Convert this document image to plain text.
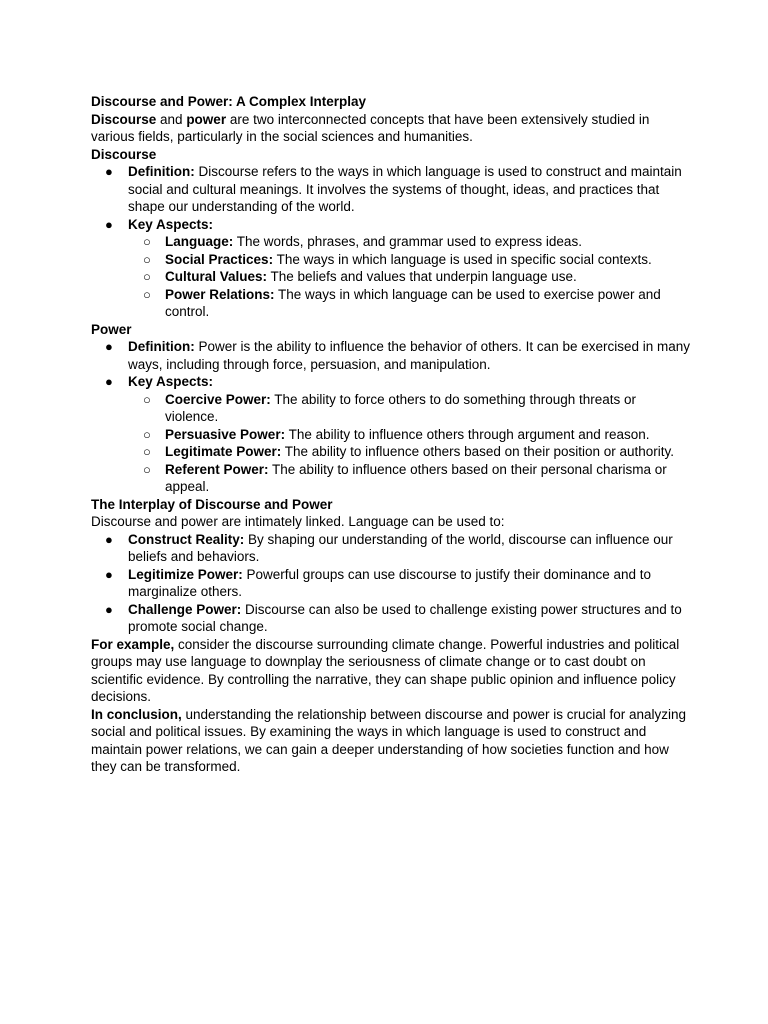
Discourse and Power: A Complex Interplay

Discourse and power are two interconnected concepts that have been extensively studied in various fields, particularly in the social sciences and humanities.

Discourse

● Definition: Discourse refers to the ways in which language is used to construct and maintain social and cultural meanings. It involves the systems of thought, ideas, and practices that shape our understanding of the world.
● Key Aspects:
○ Language: The words, phrases, and grammar used to express ideas.
○ Social Practices: The ways in which language is used in specific social contexts.
○ Cultural Values: The beliefs and values that underpin language use.
○ Power Relations: The ways in which language can be used to exercise power and control.

Power

● Definition: Power is the ability to influence the behavior of others. It can be exercised in many ways, including through force, persuasion, and manipulation.
● Key Aspects:
○ Coercive Power: The ability to force others to do something through threats or violence.
○ Persuasive Power: The ability to influence others through argument and reason.
○ Legitimate Power: The ability to influence others based on their position or authority.
○ Referent Power: The ability to influence others based on their personal charisma or appeal.

The Interplay of Discourse and Power

Discourse and power are intimately linked. Language can be used to:

● Construct Reality: By shaping our understanding of the world, discourse can influence our beliefs and behaviors.
● Legitimize Power: Powerful groups can use discourse to justify their dominance and to marginalize others.
● Challenge Power: Discourse can also be used to challenge existing power structures and to promote social change.

For example, consider the discourse surrounding climate change. Powerful industries and political groups may use language to downplay the seriousness of climate change or to cast doubt on scientific evidence. By controlling the narrative, they can shape public opinion and influence policy decisions.

In conclusion, understanding the relationship between discourse and power is crucial for analyzing social and political issues. By examining the ways in which language is used to construct and maintain power relations, we can gain a deeper understanding of how societies function and how they can be transformed.
